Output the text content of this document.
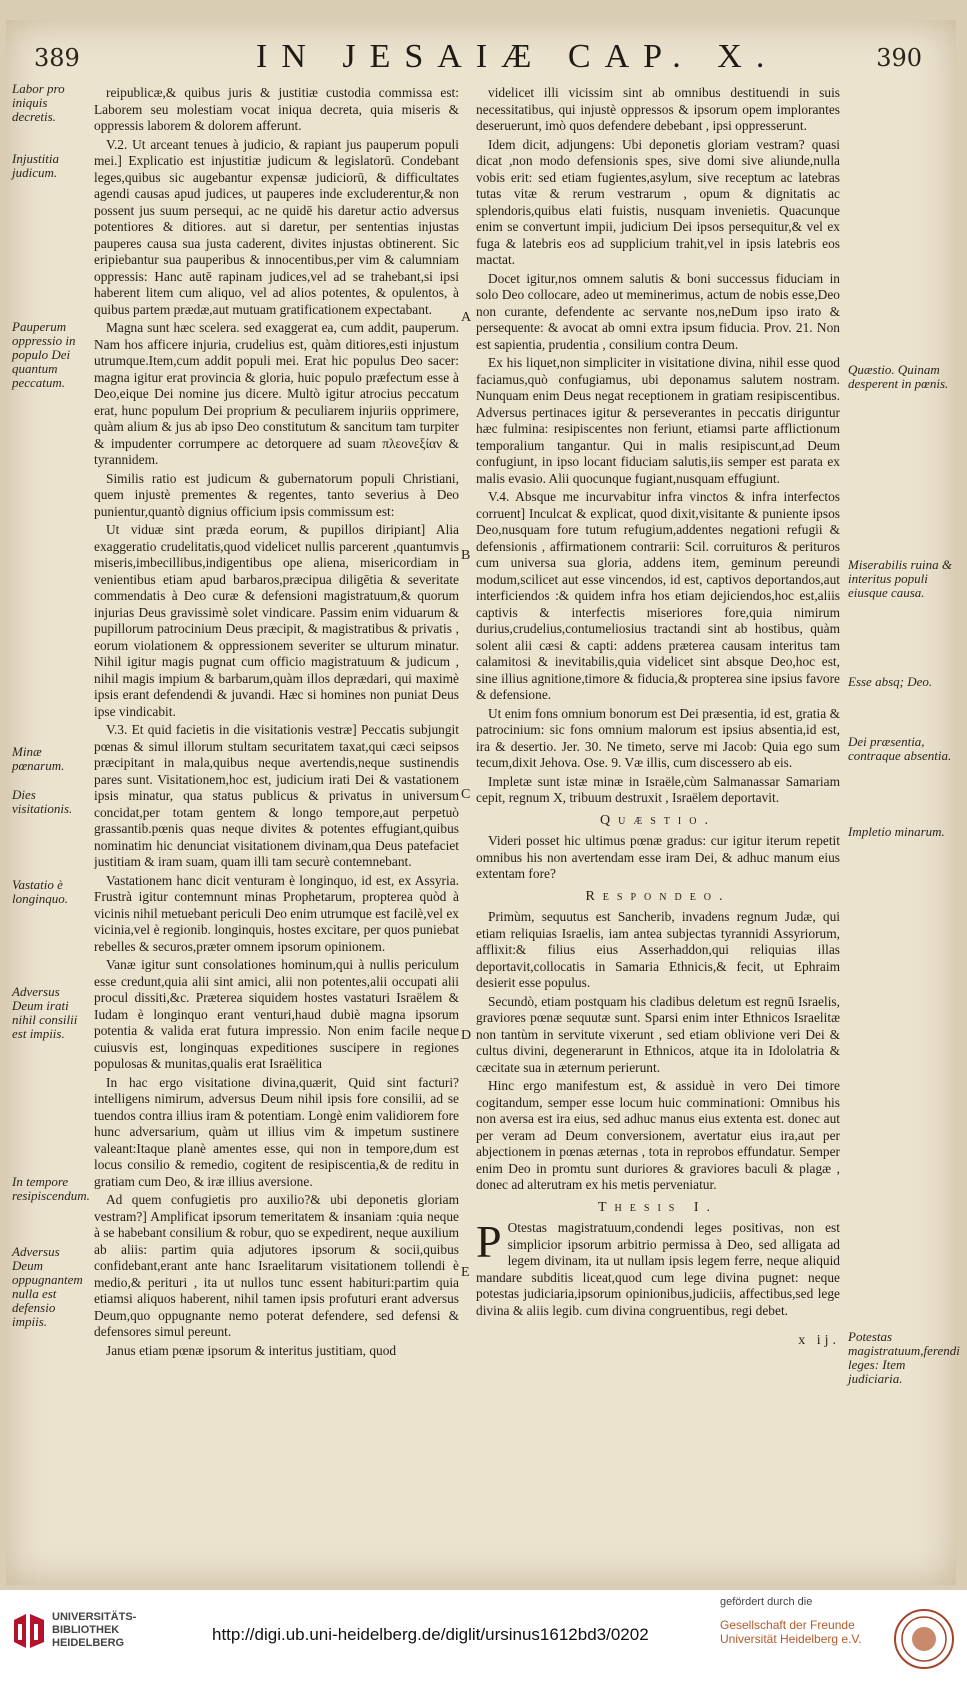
389	IN JESAIÆ CAP. X.	390
Labor pro iniquis decretis.
Injustitia judicum.
Pauperum oppressio in populo Dei quantum peccatum.
Minæ pœnarum.
Dies visitationis.
Vastatio è longinquo.
Adversus Deum irati nihil consilii est impiis.
In tempore resipiscendum.
Adversus Deum oppugnantem nulla est defensio impiis.
Quæstio. Quinam desperent in pœnis.
Miserabilis ruina & interitus populi eiusque causa.
Esse absq; Deo.
Dei præsentia, contraque absentia.
Impletio minarum.
Potestas magistratuum,ferendi leges: Item judiciaria.
A
B
C
D
E

reipublicæ,& quibus juris & justitiæ custodia commissa est: Laborem seu molestiam vocat iniqua decreta, quia miseris & oppressis laborem & dolorem afferunt.

V.2. Ut arceant tenues à judicio, & rapiant jus pauperum populi mei.] Explicatio est injustitiæ judicum & legislatorū. Condebant leges,quibus sic augebantur expensæ judiciorū, & difficultates agendi causas apud judices, ut pauperes inde excluderentur,& non possent jus suum persequi, ac ne quidē his daretur actio adversus potentiores & ditiores. aut si daretur, per sententias injustas pauperes causa sua justa caderent, divites injustas obtinerent. Sic eripiebantur sua pauperibus & innocentibus,per vim & calumniam oppressis: Hanc autē rapinam judices,vel ad se trahebant,si ipsi haberent litem cum aliquo, vel ad alios potentes, & opulentos, à quibus partem prædæ,aut mutuam gratificationem expectabant.

Magna sunt hæc scelera. sed exaggerat ea, cum addit, pauperum. Nam hos afficere injuria, crudelius est, quàm ditiores,esti injustum utrumque.Item,cum addit populi mei. Erat hic populus Deo sacer: magna igitur erat provincia & gloria, huic populo præfectum esse à Deo,eique Dei nomine jus dicere. Multò igitur atrocius peccatum erat, hunc populum Dei proprium & peculiarem injuriis opprimere, quàm alium & jus ab ipso Deo constitutum & sancitum tam turpiter & impudenter corrumpere ac detorquere ad suam πλεονεξίαν & tyrannidem.

Similis ratio est judicum & gubernatorum populi Christiani, quem injustè prementes & regentes, tanto severius à Deo punientur,quantò dignius officium ipsis commissum est:

Ut viduæ sint præda eorum, & pupillos diripiant] Alia exaggeratio crudelitatis,quod videlicet nullis parcerent ,quantumvis miseris,imbecillibus,indigentibus ope aliena, misericordiam in venientibus etiam apud barbaros,præcipua diligētia & severitate commendatis à Deo curæ & defensioni magistratuum,& quorum injurias Deus gravissimè solet vindicare. Passim enim viduarum & pupillorum patrocinium Deus præcipit, & magistratibus & privatis , eorum violationem & oppressionem severiter se ulturum minatur. Nihil igitur magis pugnat cum officio magistratuum & judicum , nihil magis impium & barbarum,quàm illos deprædari, qui maximè ipsis erant defendendi & juvandi. Hæc si homines non puniat Deus ipse vindicabit.

V.3. Et quid facietis in die visitationis vestræ] Peccatis subjungit pœnas & simul illorum stultam securitatem taxat,qui cæci seipsos præcipitant in mala,quibus neque avertendis,neque sustinendis pares sunt. Visitationem,hoc est, judicium irati Dei & vastationem ipsis minatur, qua status publicus & privatus in universum concidat,per totam gentem & longo tempore,aut perpetuò grassantib.pœnis quas neque divites & potentes effugiant,quibus nominatim hic denunciat visitationem divinam,qua Deus patefaciet justitiam & iram suam, quam illi tam securè contemnebant.

Vastationem hanc dicit venturam è longinquo, id est, ex Assyria. Frustrà igitur contemnunt minas Prophetarum, propterea quòd à vicinis nihil metuebant periculi Deo enim utrumque est facilè,vel ex vicinia,vel è regionib. longinquis, hostes excitare, per quos puniebat rebelles & securos,præter omnem ipsorum opinionem.

Vanæ igitur sunt consolationes hominum,qui à nullis periculum esse credunt,quia alii sint amici, alii non potentes,alii occupati alii procul dissiti,&c. Præterea siquidem hostes vastaturi Israëlem & Iudam è longinquo erant venturi,haud dubiè magna ipsorum potentia & valida erat futura impressio. Non enim facile neque cuiusvis est, longinquas expeditiones suscipere in regiones populosas & munitas,qualis erat Israëlitica

In hac ergo visitatione divina,quærit, Quid sint facturi? intelligens nimirum, adversus Deum nihil ipsis fore consilii, ad se tuendos contra illius iram & potentiam. Longè enim validiorem fore hunc adversarium, quàm ut illius vim & impetum sustinere valeant:Itaque planè amentes esse, qui non in tempore,dum est locus consilio & remedio, cogitent de resipiscentia,& de reditu in gratiam cum Deo, & iræ illius aversione.

Ad quem confugietis pro auxilio?& ubi deponetis gloriam vestram?] Amplificat ipsorum temeritatem & insaniam :quia neque à se habebant consilium & robur, quo se expedirent, neque auxilium ab aliis: partim quia adjutores ipsorum & socii,quibus confidebant,erant ante hanc Israelitarum visitationem tollendi è medio,& perituri , ita ut nullos tunc essent habituri:partim quia etiamsi aliquos haberent, nihil tamen ipsis profuturi erant adversus Deum,quo oppugnante nemo poterat defendere, sed defensi & defensores simul pereunt.

Janus etiam pœnæ ipsorum & interitus justitiam, quod

videlicet illi vicissim sint ab omnibus destituendi in suis necessitatibus, qui injustè oppressos & ipsorum opem implorantes deseruerunt, imò quos defendere debebant , ipsi oppresserunt.

Idem dicit, adjungens: Ubi deponetis gloriam vestram? quasi dicat ,non modo defensionis spes, sive domi sive aliunde,nulla vobis erit: sed etiam fugientes,asylum, sive receptum ac latebras tutas vitæ & rerum vestrarum , opum & dignitatis ac splendoris,quibus elati fuistis, nusquam invenietis. Quacunque enim se convertunt impii, judicium Dei ipsos persequitur,& vel ex fuga & latebris eos ad supplicium trahit,vel in ipsis latebris eos mactat.

Docet igitur,nos omnem salutis & boni successus fiduciam in solo Deo collocare, adeo ut meminerimus, actum de nobis esse,Deo non curante, defendente ac servante nos,neDum ipso irato & persequente: & avocat ab omni extra ipsum fiducia. Prov. 21. Non est sapientia, prudentia , consilium contra Deum.

Ex his liquet,non simpliciter in visitatione divina, nihil esse quod faciamus,quò confugiamus, ubi deponamus salutem nostram. Nunquam enim Deus negat receptionem in gratiam resipiscentibus. Adversus pertinaces igitur & perseverantes in peccatis diriguntur hæc fulmina: resipiscentes non feriunt, etiamsi parte afflictionum temporalium tangantur. Qui in malis resipiscunt,ad Deum confugiunt, in ipso locant fiduciam salutis,iis semper est parata ex malis evasio. Alii quocunque fugiant,nusquam effugiunt.

V.4. Absque me incurvabitur infra vinctos & infra interfectos corruent] Inculcat & explicat, quod dixit,visitante & puniente ipsos Deo,nusquam fore tutum refugium,addentes negationi refugii & defensionis , affirmationem contrarii: Scil. corruituros & perituros cum universa sua gloria, addens item, geminum pereundi modum,scilicet aut esse vincendos, id est, captivos deportandos,aut interficiendos :& quidem infra hos etiam dejiciendos,hoc est,aliis captivis & interfectis miseriores fore,quia nimirum durius,crudelius,contumeliosius tractandi sint ab hostibus, quàm solent alii cæsi & capti: addens præterea causam interitus tam calamitosi & inevitabilis,quia videlicet sint absque Deo,hoc est, sine illius agnitione,timore & fiducia,& propterea sine ipsius favore & defensione.

Ut enim fons omnium bonorum est Dei præsentia, id est, gratia & patrocinium: sic fons omnium malorum est ipsius absentia,id est, ira & desertio. Jer. 30. Ne timeto, serve mi Jacob: Quia ego sum tecum,dixit Jehova. Ose. 9. Væ illis, cum discessero ab eis.

Impletæ sunt istæ minæ in Israële,cùm Salmanassar Samariam cepit, regnum X, tribuum destruxit , Israëlem deportavit.

Quæstio.

Videri posset hic ultimus pœnæ gradus: cur igitur iterum repetit omnibus his non avertendam esse iram Dei, & adhuc manum eius extentam fore?

Respondeo.

Primùm, sequutus est Sancherib, invadens regnum Judæ, qui etiam reliquias Israelis, iam antea subjectas tyrannidi Assyriorum, afflixit:& filius eius Asserhaddon,qui reliquias illas deportavit,collocatis in Samaria Ethnicis,& fecit, ut Ephraim desierit esse populus.

Secundò, etiam postquam his cladibus deletum est regnū Israelis, graviores pœnæ sequutæ sunt. Sparsi enim inter Ethnicos Israelitæ non tantùm in servitute vixerunt , sed etiam oblivione veri Dei & cultus divini, degenerarunt in Ethnicos, atque ita in Idololatria & cæcitate sua in æternum perierunt.

Hinc ergo manifestum est, & assiduè in vero Dei timore cogitandum, semper esse locum huic comminationi: Omnibus his non aversa est ira eius, sed adhuc manus eius extenta est. donec aut per veram ad Deum conversionem, avertatur eius ira,aut per abjectionem in pœnas æternas , tota in reprobos effundatur. Semper enim Deo in promtu sunt duriores & graviores baculi & plagæ , donec ad alterutram ex his metis perveniatur.

Thesis I.
P Otestas magistratuum,condendi leges positivas, non est simplicior ipsorum arbitrio permissa à Deo, sed alligata ad legem divinam, ita ut nullam ipsis legem ferre, neque aliquid mandare subditis liceat,quod cum lege divina pugnet: neque potestas judiciaria,ipsorum opinionibus,judiciis, affectibus,sed lege divina & aliis legib. cum divina congruentibus, regi debet.
x ij.
UNIVERSITÄTS-
BIBLIOTHEK
HEIDELBERG	http://digi.ub.uni-heidelberg.de/diglit/ursinus1612bd3/0202
gefördert durch die
Gesellschaft der Freunde
Universität Heidelberg e.V.
